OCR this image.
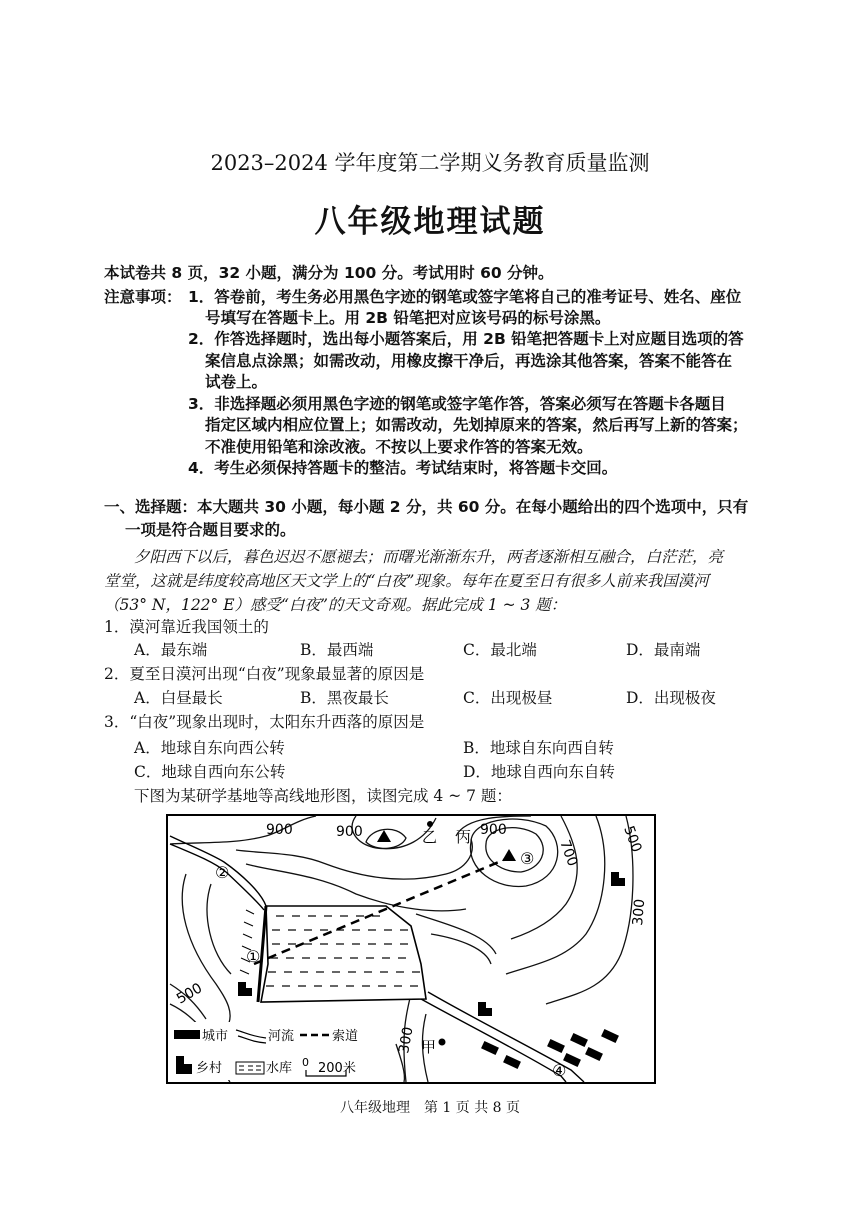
2023–2024 学年度第二学期义务教育质量监测
八年级地理试题
本试卷共 8 页，32 小题，满分为 100 分。考试用时 60 分钟。
注意事项： 1．答卷前，考生务必用黑色字迹的钢笔或签字笔将自己的准考证号、姓名、座位
号填写在答题卡上。用 2B 铅笔把对应该号码的标号涂黑。
2．作答选择题时，选出每小题答案后，用 2B 铅笔把答题卡上对应题目选项的答
案信息点涂黑；如需改动，用橡皮擦干净后，再选涂其他答案，答案不能答在
试卷上。
3．非选择题必须用黑色字迹的钢笔或签字笔作答，答案必须写在答题卡各题目
指定区域内相应位置上；如需改动，先划掉原来的答案，然后再写上新的答案；
不准使用铅笔和涂改液。不按以上要求作答的答案无效。
4．考生必须保持答题卡的整洁。考试结束时，将答题卡交回。
一、选择题：本大题共 30 小题，每小题 2 分，共 60 分。在每小题给出的四个选项中，只有
一项是符合题目要求的。
夕阳西下以后，暮色迟迟不愿褪去；而曙光渐渐东升，两者逐渐相互融合，白茫茫，亮
堂堂，这就是纬度较高地区天文学上的“白夜”现象。每年在夏至日有很多人前来我国漠河
（53° N，122° E）感受“白夜”的天文奇观。据此完成 1 ~ 3 题：
1．漠河靠近我国领土的
A．最东端	B．最西端	C．最北端	D．最南端
2．夏至日漠河出现“白夜”现象最显著的原因是
A．白昼最长	B．黑夜最长	C．出现极昼	D．出现极夜
3．“白夜”现象出现时，太阳东升西落的原因是
A．地球自东向西公转	B．地球自东向西自转
C．地球自西向东公转	D．地球自西向东自转
下图为某研学基地等高线地形图，读图完成 4 ~ 7 题：
900	900	900
700	500
300
500
300
乙 丙
甲
②
①
③
④
城市	河流	索道
乡村	水库 0 200米
八年级地理　第 1 页 共 8 页
